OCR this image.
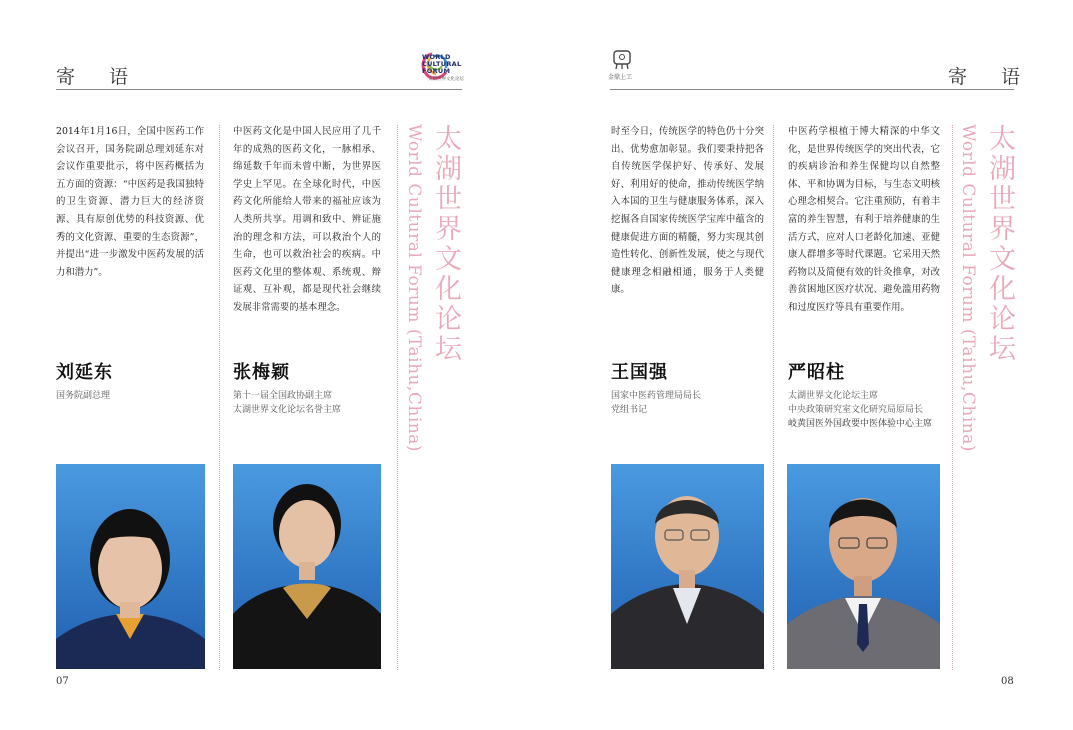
寄 语
WORLD CULTURAL FORUM
太湖世界文化论坛
2014年1月16日，全国中医药工作会议召开，国务院副总理刘延东对会议作重要批示，将中医药概括为五方面的资源：“中医药是我国独特的卫生资源、潜力巨大的经济资源、具有原创优势的科技资源、优秀的文化资源、重要的生态资源”，并提出“进一步激发中医药发展的活力和潜力”。
刘延东
国务院副总理
中医药文化是中国人民应用了几千年的成熟的医药文化，一脉相承、绵延数千年而未曾中断，为世界医学史上罕见。在全球化时代，中医药文化所能给人带来的福祉应该为人类所共享。用调和致中、辨证施治的理念和方法，可以救治个人的生命，也可以救治社会的疾病。中医药文化里的整体观、系统观、辩证观、互补观，都是现代社会继续发展非常需要的基本理念。
张梅颖
第十一届全国政协副主席
太湖世界文化论坛名誉主席
太湖世界文化论坛
World Cultural Forum (Taihu,China)
07
金鼎上工	寄 语
时至今日，传统医学的特色仍十分突出、优势愈加彰显。我们要秉持把各自传统医学保护好、传承好、发展好、利用好的使命，推动传统医学纳入本国的卫生与健康服务体系，深入挖掘各自国家传统医学宝库中蕴含的健康促进方面的精髓，努力实现其创造性转化、创新性发展，使之与现代健康理念相融相通，服务于人类健康。
王国强
国家中医药管理局局长
党组书记
中医药学根植于博大精深的中华文化，是世界传统医学的突出代表，它的疾病诊治和养生保健均以自然整体、平和协调为目标，与生态文明核心理念相契合。它注重预防，有着丰富的养生智慧，有利于培养健康的生活方式，应对人口老龄化加速、亚健康人群增多等时代课题。它采用天然药物以及简便有效的针灸推拿，对改善贫困地区医疗状况、避免滥用药物和过度医疗等具有重要作用。
严昭柱
太湖世界文化论坛主席
中央政策研究室文化研究局原局长
岐黄国医外国政要中医体验中心主席
太湖世界文化论坛
World Cultural Forum (Taihu,China)
08
